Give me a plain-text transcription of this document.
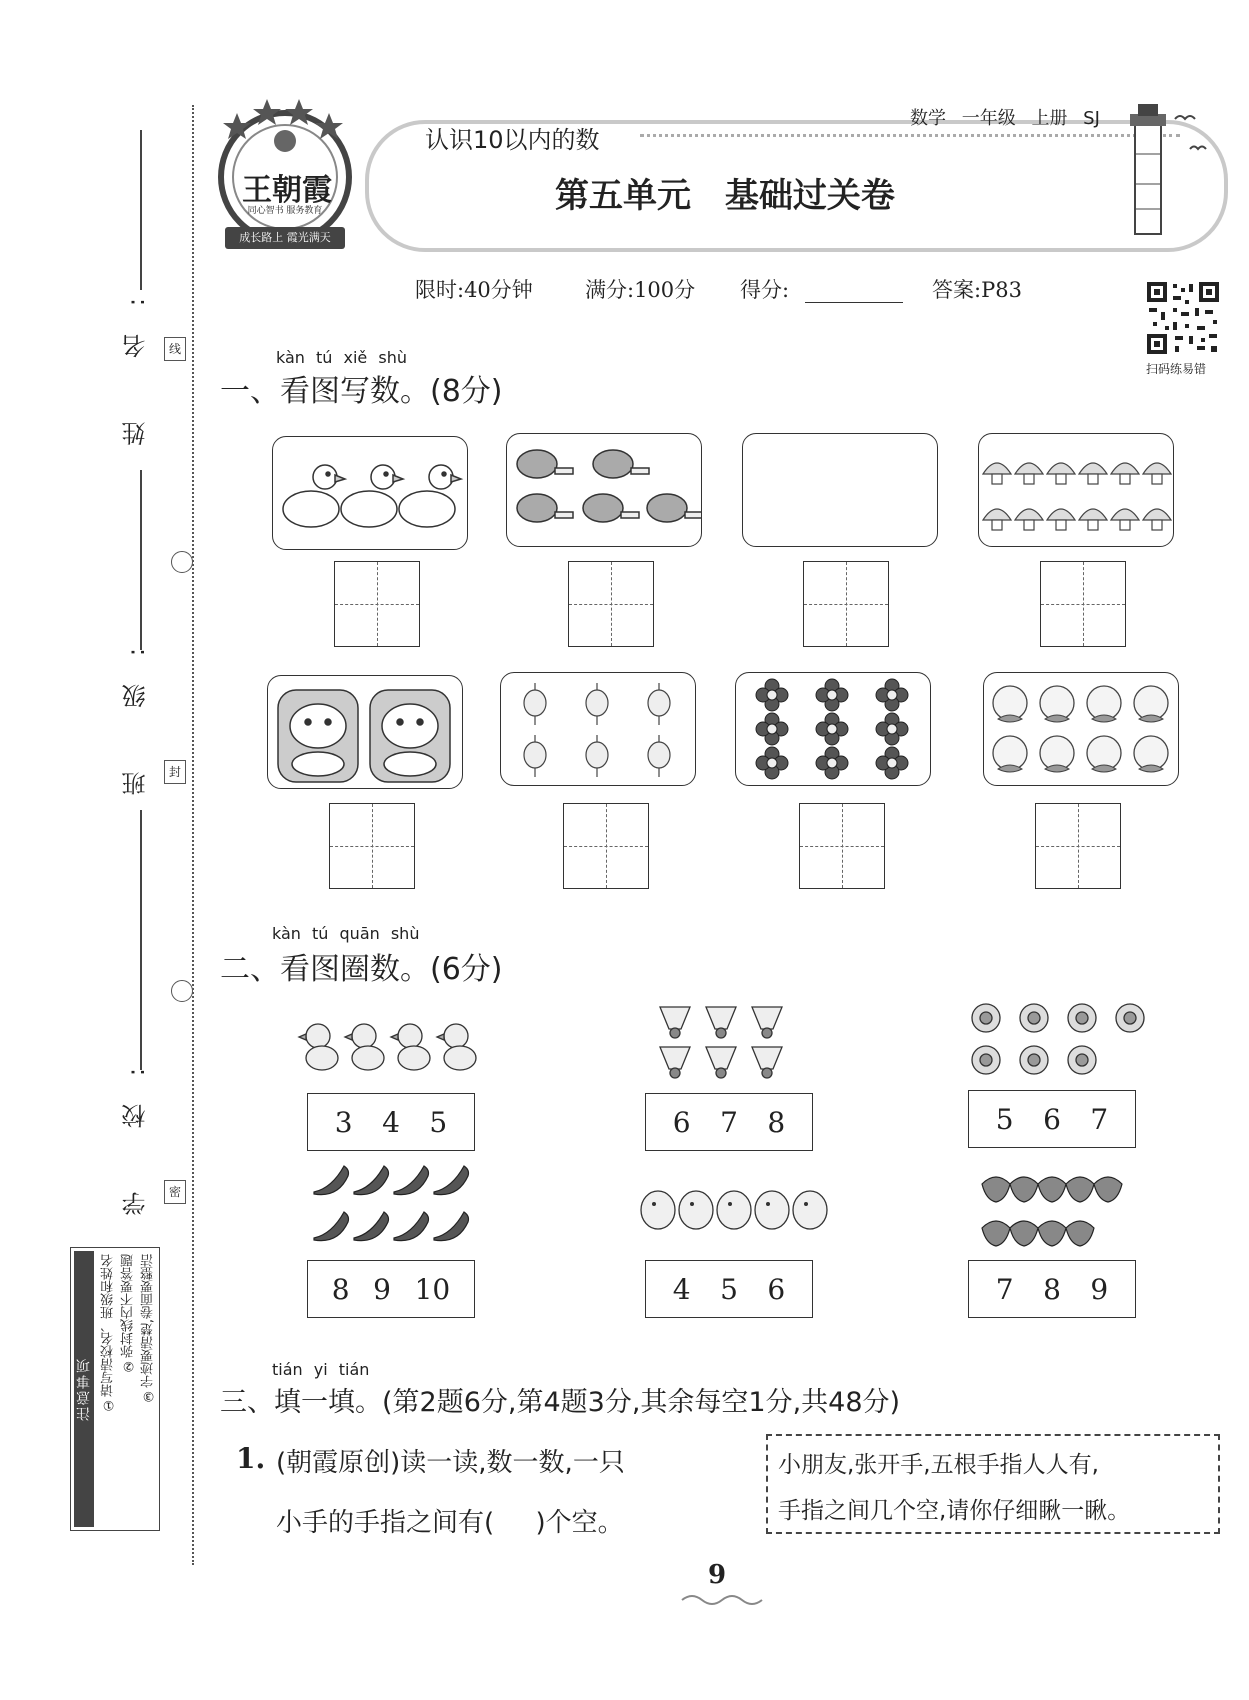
线
封
密
姓 名:
班 级:
学 校:
注意事项 ①请写清校名、班级和姓名 ②弥封线内不要答题 ③字迹要清楚,卷面要整洁
王朝霞
同心智书 服务教育
成长路上 霞光满天
数学 一年级 上册 SJ
认识10以内的数
第五单元 基础过关卷
限时:40分钟 满分:100分 得分:	答案:P83
扫码练易错
kàn tú xiě shù
一、看图写数。(8分)
kàn tú quān shù
二、看图圈数。(6分)
3 4 5	6 7 8	5 6 7
8 9 10	4 5 6	7 8 9
tián yi tián
三、填一填。(第2题6分,第4题3分,其余每空1分,共48分)
1. (朝霞原创)读一读,数一数,一只
小手的手指之间有(     )个空。
小朋友,张开手,五根手指人人有,
手指之间几个空,请你仔细瞅一瞅。
9
